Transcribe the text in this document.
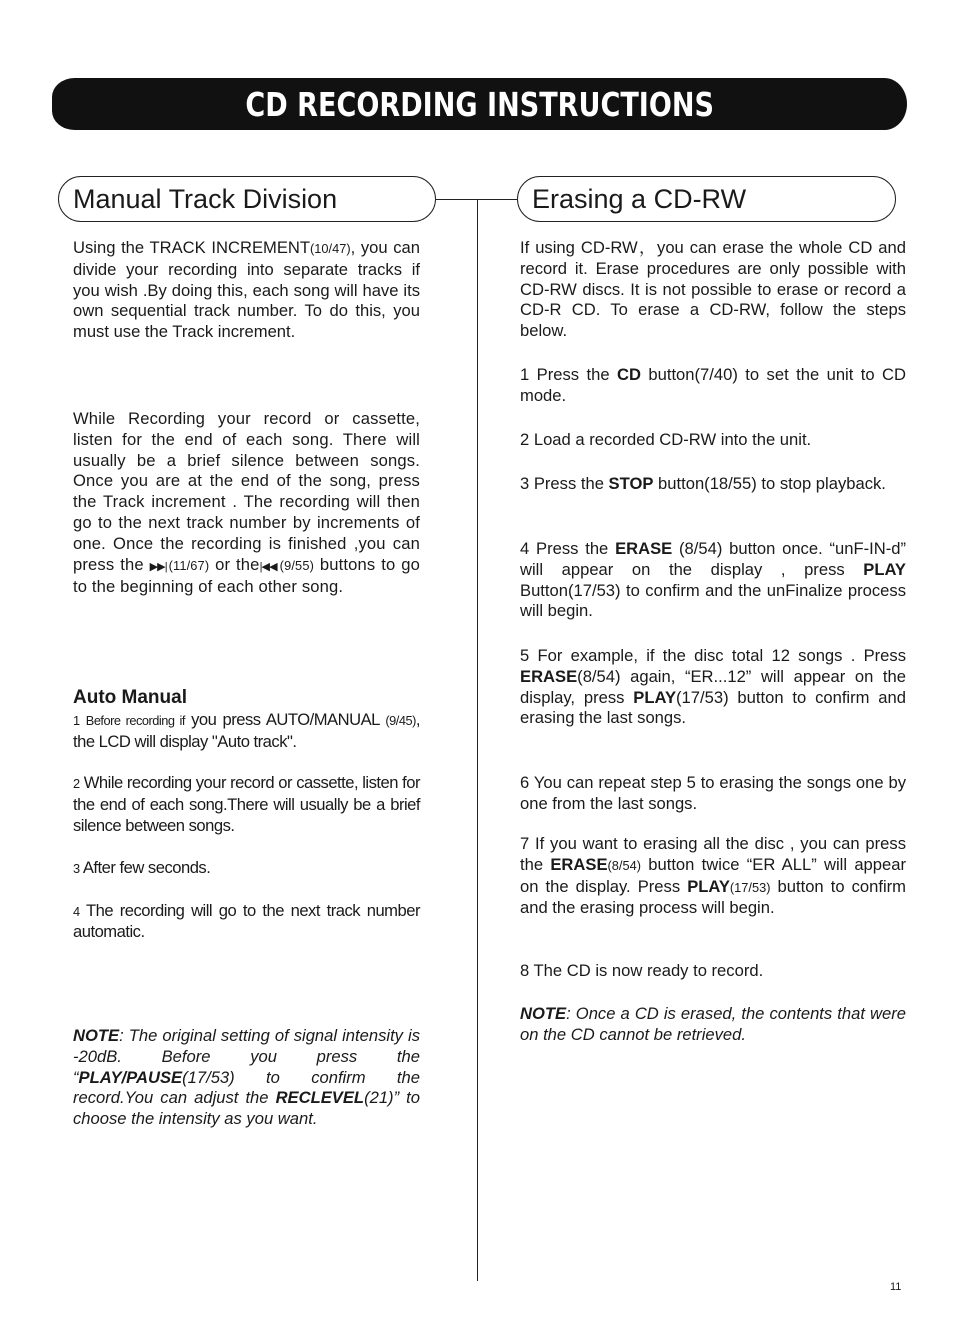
CD RECORDING INSTRUCTIONS
Manual Track Division	Erasing a CD-RW

Using the TRACK INCREMENT(10/47), you can divide your recording into separate tracks if you wish .By doing this, each song will have its own sequential track number. To do this, you must use the Track increment.

While Recording your record or cassette, listen for the end of each song. There will usually be a brief silence between songs. Once you are at the end of the song, press the Track increment . The recording will then go to the next track number by increments of one. Once the recording is finished ,you can press the ▶▶| (11/67) or the|◀◀ (9/55) buttons to go to the beginning of each other song.

Auto Manual

1 Before recording if you press AUTO/MANUAL (9/45), the LCD will display "Auto track".

2 While recording your record or cassette, listen for the end of each song.There will usually be a brief silence between songs.

3 After few seconds.

4 The recording will go to the next track number automatic.

NOTE: The original setting of signal intensity is -20dB. Before you press the “PLAY/PAUSE(17/53) to confirm the record.You can adjust the RECLEVEL(21)” to choose the intensity as you want.

If using CD-RW，you can erase the whole CD and record it. Erase procedures are only possible with CD-RW discs. It is not possible to erase or record a CD-R CD. To erase a CD-RW, follow the steps below.

1 Press the CD button(7/40) to set the unit to CD mode.

2 Load a recorded CD-RW into the unit.

3 Press the STOP button(18/55) to stop playback.

4 Press the ERASE (8/54) button once. “unF-IN-d” will appear on the display , press PLAY Button(17/53) to confirm and the unFinalize process will begin.

5 For example, if the disc total 12 songs . Press ERASE(8/54) again, “ER...12” will appear on the display, press PLAY(17/53) button to confirm and erasing the last songs.

6 You can repeat step 5 to erasing the songs one by one from the last songs.

7 If you want to erasing all the disc , you can press the ERASE(8/54) button twice “ER ALL” will appear on the display. Press PLAY(17/53) button to confirm and the erasing process will begin.

8 The CD is now ready to record.

NOTE: Once a CD is erased, the contents that were on the CD cannot be retrieved.

11
